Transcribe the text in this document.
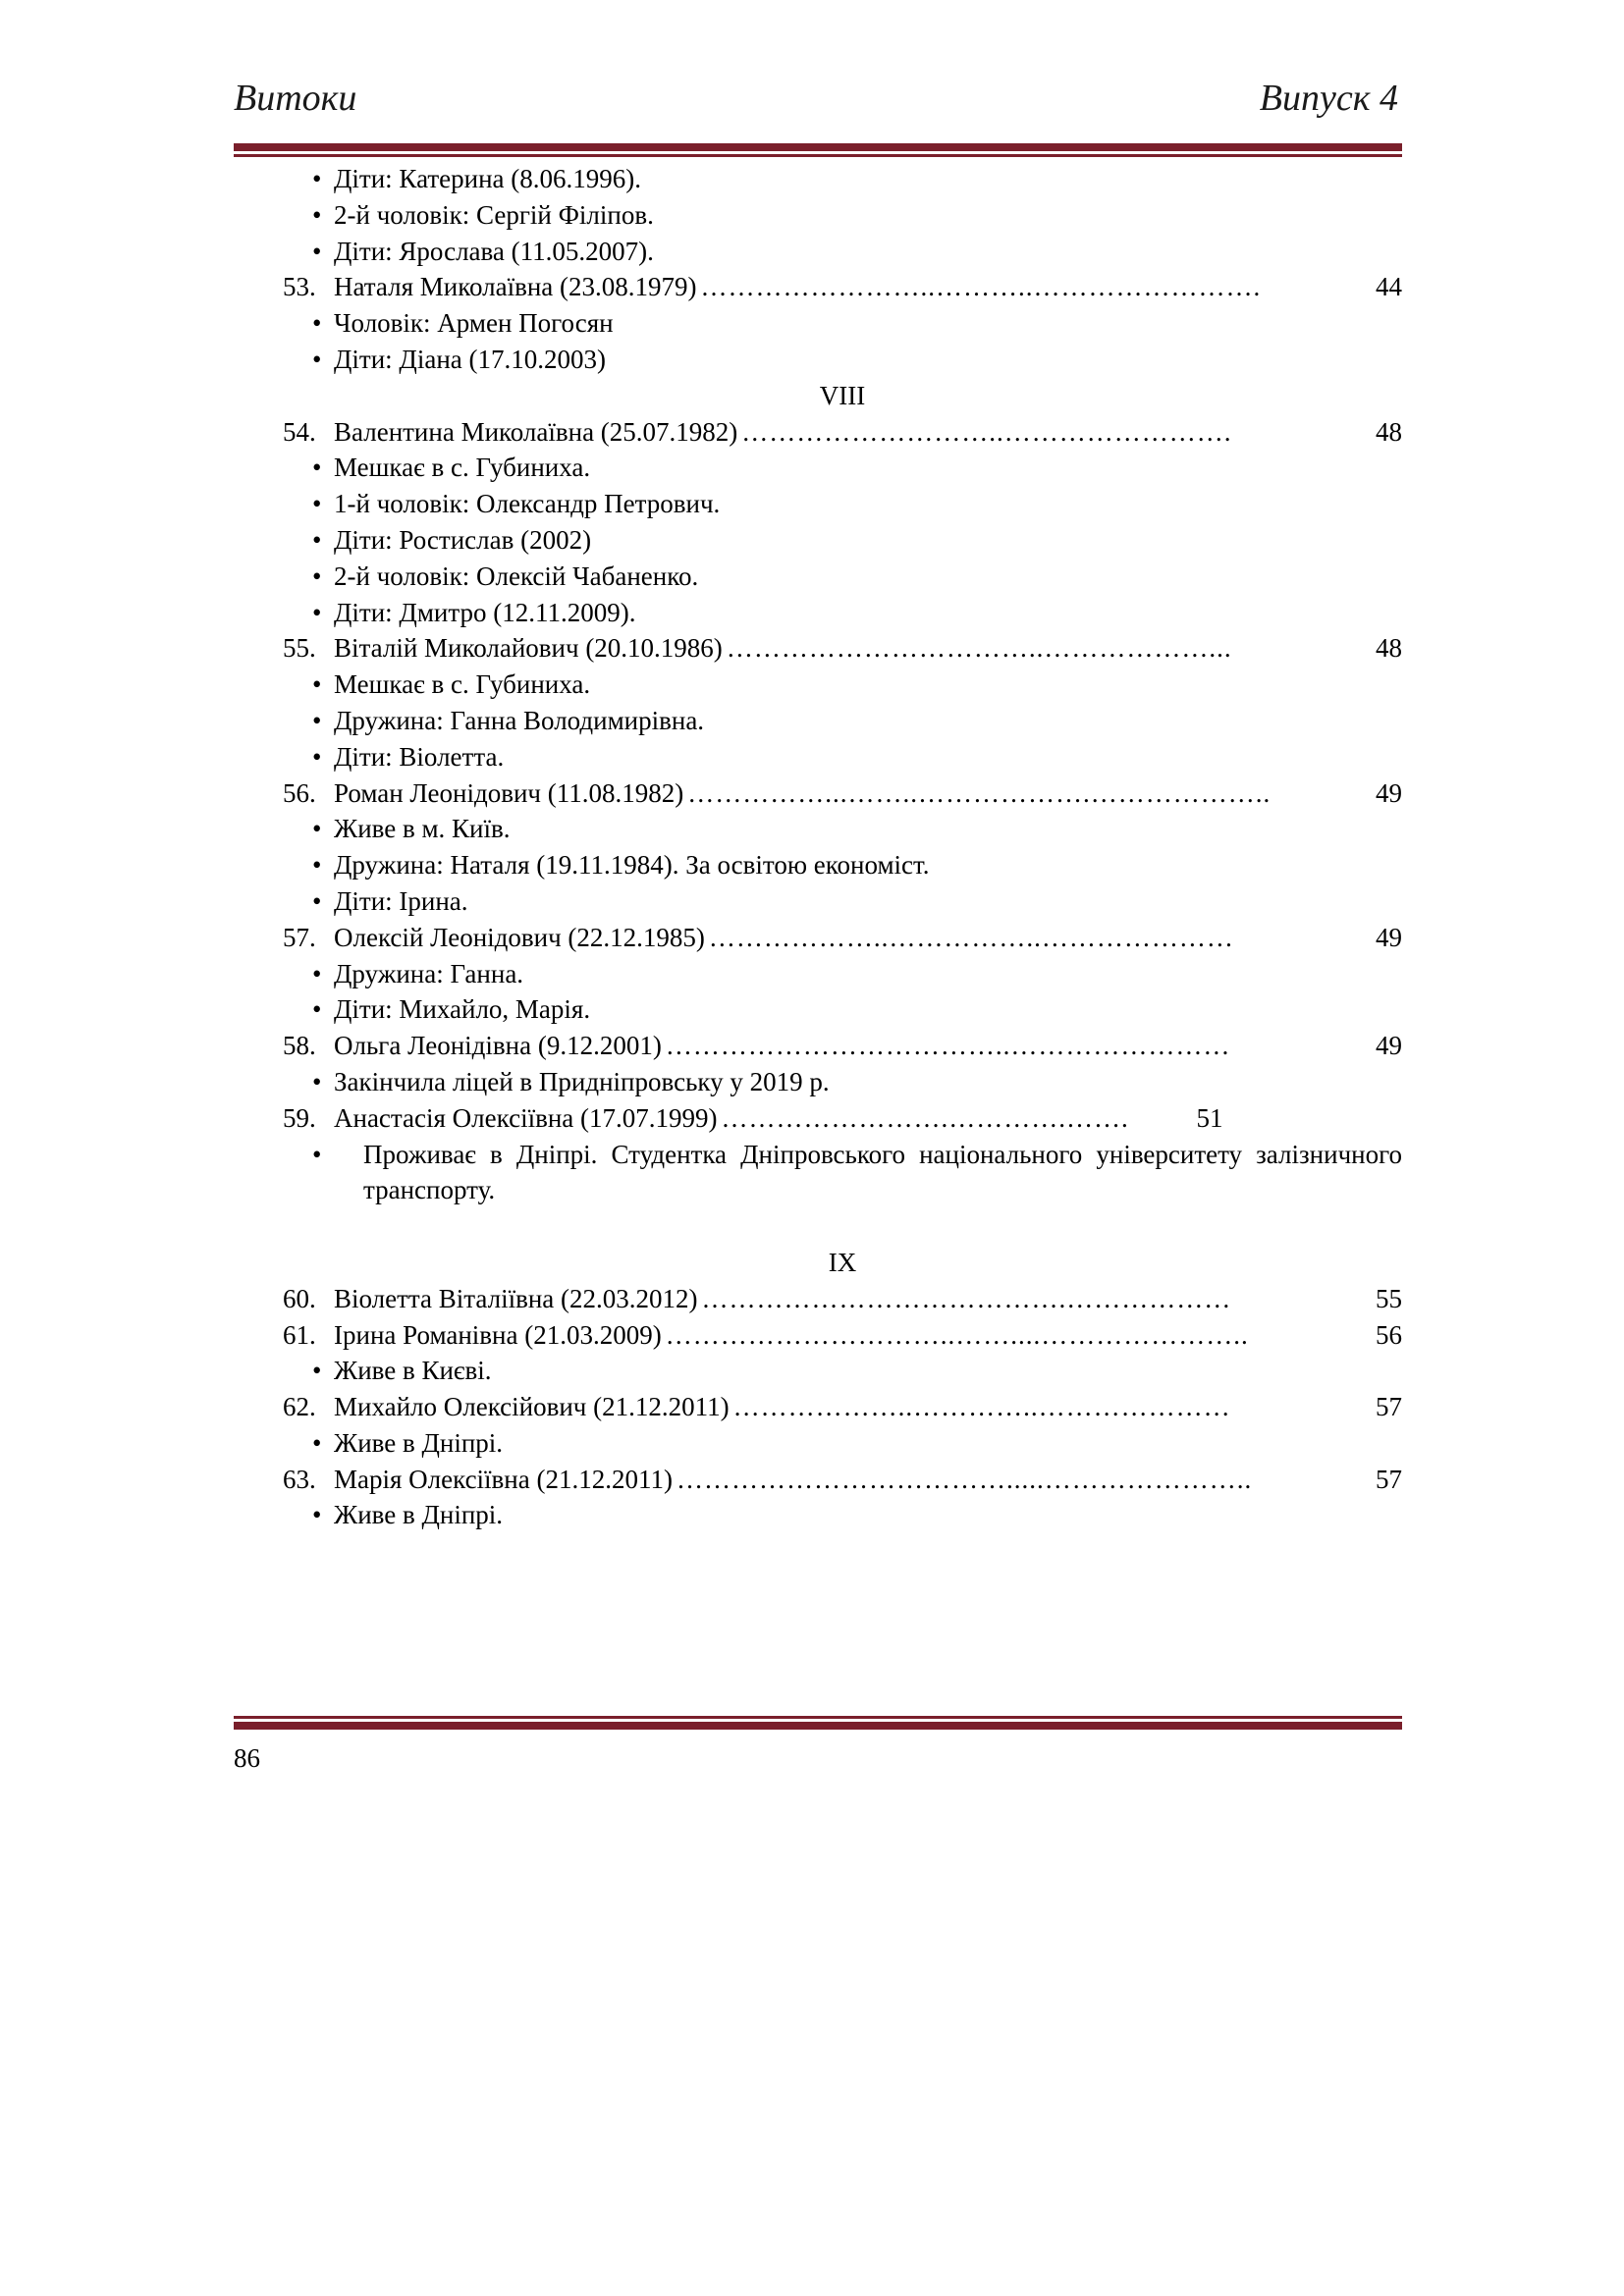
Витоки	Випуск 4
• Діти: Катерина (8.06.1996).
• 2-й чоловік: Сергій Філіпов.
• Діти: Ярослава (11.05.2007).
53. Наталя Миколаївна (23.08.1979) ……………………..………..…………………….	44
• Чоловік: Армен Погосян
• Діти: Діана (17.10.2003)
VIII
54. Валентина Миколаївна (25.07.1982) ………………………..…………………….	48
• Мешкає в с. Губиниха.
• 1-й чоловік: Олександр Петрович.
• Діти: Ростислав (2002)
• 2-й чоловік: Олексій Чабаненко.
• Діти: Дмитро (12.11.2009).
55. Віталій Миколайович (20.10.1986) ……………………………..………………...	48
• Мешкає в с. Губиниха.
• Дружина: Ганна Володимирівна.
• Діти: Віолетта.
56. Роман Леонідович (11.08.1982) ……………...……..……………….………………..	49
• Живе в м. Київ.
• Дружина: Наталя (19.11.1984). За освітою економіст.
• Діти: Ірина.
57. Олексій Леонідович (22.12.1985) ………………..……………..…………………	49
• Дружина: Ганна.
• Діти: Михайло, Марія.
58. Ольга Леонідівна (9.12.2001) ………………………………..……………………	49
• Закінчила ліцей в Придніпровську у 2019 р.
59. Анастасія Олексіївна (17.07.1999) …………………….………….…….	51
•	Проживає в Дніпрі. Студентка Дніпровського національного університету залізничного транспорту.
IX
60. Віолетта Віталіївна (22.03.2012) ………………………………….………………	55
61. Ірина Романівна (21.03.2009) …………………………..……....…………………..	56
• Живе в Києві.
62. Михайло Олексійович (21.12.2011) ………………..…………..…………………	57
• Живе в Дніпрі.
63. Марія Олексіївна (21.12.2011) ……………………………….....…………………..	57
• Живе в Дніпрі.
86
